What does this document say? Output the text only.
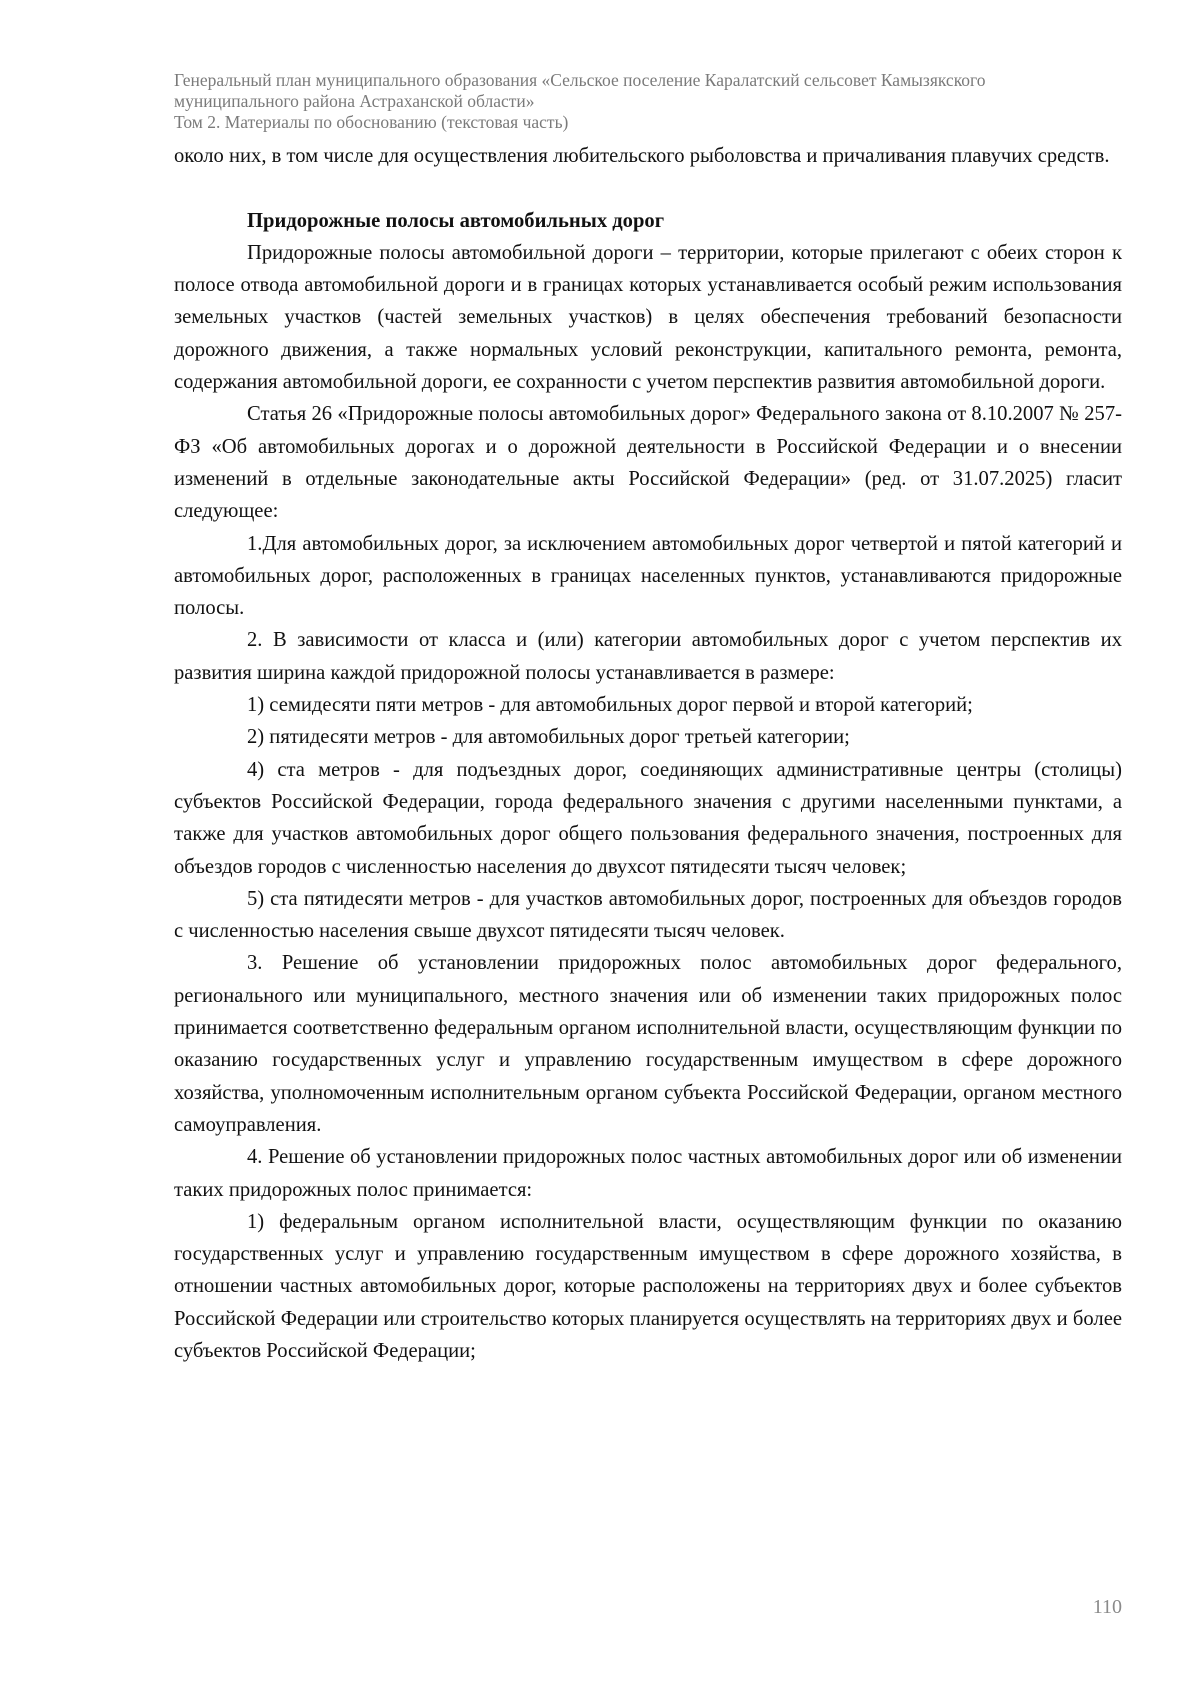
Генеральный план муниципального образования «Сельское поселение Каралатский сельсовет Камызякского
муниципального района Астраханской области»
Том 2. Материалы по обоснованию (текстовая часть)

около них, в том числе для осуществления любительского рыболовства и причаливания плавучих средств.

Придорожные полосы автомобильных дорог

Придорожные полосы автомобильной дороги – территории, которые прилегают с обеих сторон к полосе отвода автомобильной дороги и в границах которых устанавливается особый режим использования земельных участков (частей земельных участков) в целях обеспечения требований безопасности дорожного движения, а также нормальных условий реконструкции, капитального ремонта, ремонта, содержания автомобильной дороги, ее сохранности с учетом перспектив развития автомобильной дороги.

Статья 26 «Придорожные полосы автомобильных дорог» Федерального закона от 8.10.2007 № 257-ФЗ «Об автомобильных дорогах и о дорожной деятельности в Российской Федерации и о внесении изменений в отдельные законодательные акты Российской Федерации» (ред. от 31.07.2025) гласит следующее:

1.Для автомобильных дорог, за исключением автомобильных дорог четвертой и пятой категорий и автомобильных дорог, расположенных в границах населенных пунктов, устанавливаются придорожные полосы.

2. В зависимости от класса и (или) категории автомобильных дорог с учетом перспектив их развития ширина каждой придорожной полосы устанавливается в размере:

1) семидесяти пяти метров - для автомобильных дорог первой и второй категорий;

2) пятидесяти метров - для автомобильных дорог третьей категории;

4) ста метров - для подъездных дорог, соединяющих административные центры (столицы) субъектов Российской Федерации, города федерального значения с другими населенными пунктами, а также для участков автомобильных дорог общего пользования федерального значения, построенных для объездов городов с численностью населения до двухсот пятидесяти тысяч человек;

5) ста пятидесяти метров - для участков автомобильных дорог, построенных для объездов городов с численностью населения свыше двухсот пятидесяти тысяч человек.

3. Решение об установлении придорожных полос автомобильных дорог федерального, регионального или муниципального, местного значения или об изменении таких придорожных полос принимается соответственно федеральным органом исполнительной власти, осуществляющим функции по оказанию государственных услуг и управлению государственным имуществом в сфере дорожного хозяйства, уполномоченным исполнительным органом субъекта Российской Федерации, органом местного самоуправления.

4. Решение об установлении придорожных полос частных автомобильных дорог или об изменении таких придорожных полос принимается:

1) федеральным органом исполнительной власти, осуществляющим функции по оказанию государственных услуг и управлению государственным имуществом в сфере дорожного хозяйства, в отношении частных автомобильных дорог, которые расположены на территориях двух и более субъектов Российской Федерации или строительство которых планируется осуществлять на территориях двух и более субъектов Российской Федерации;

110
